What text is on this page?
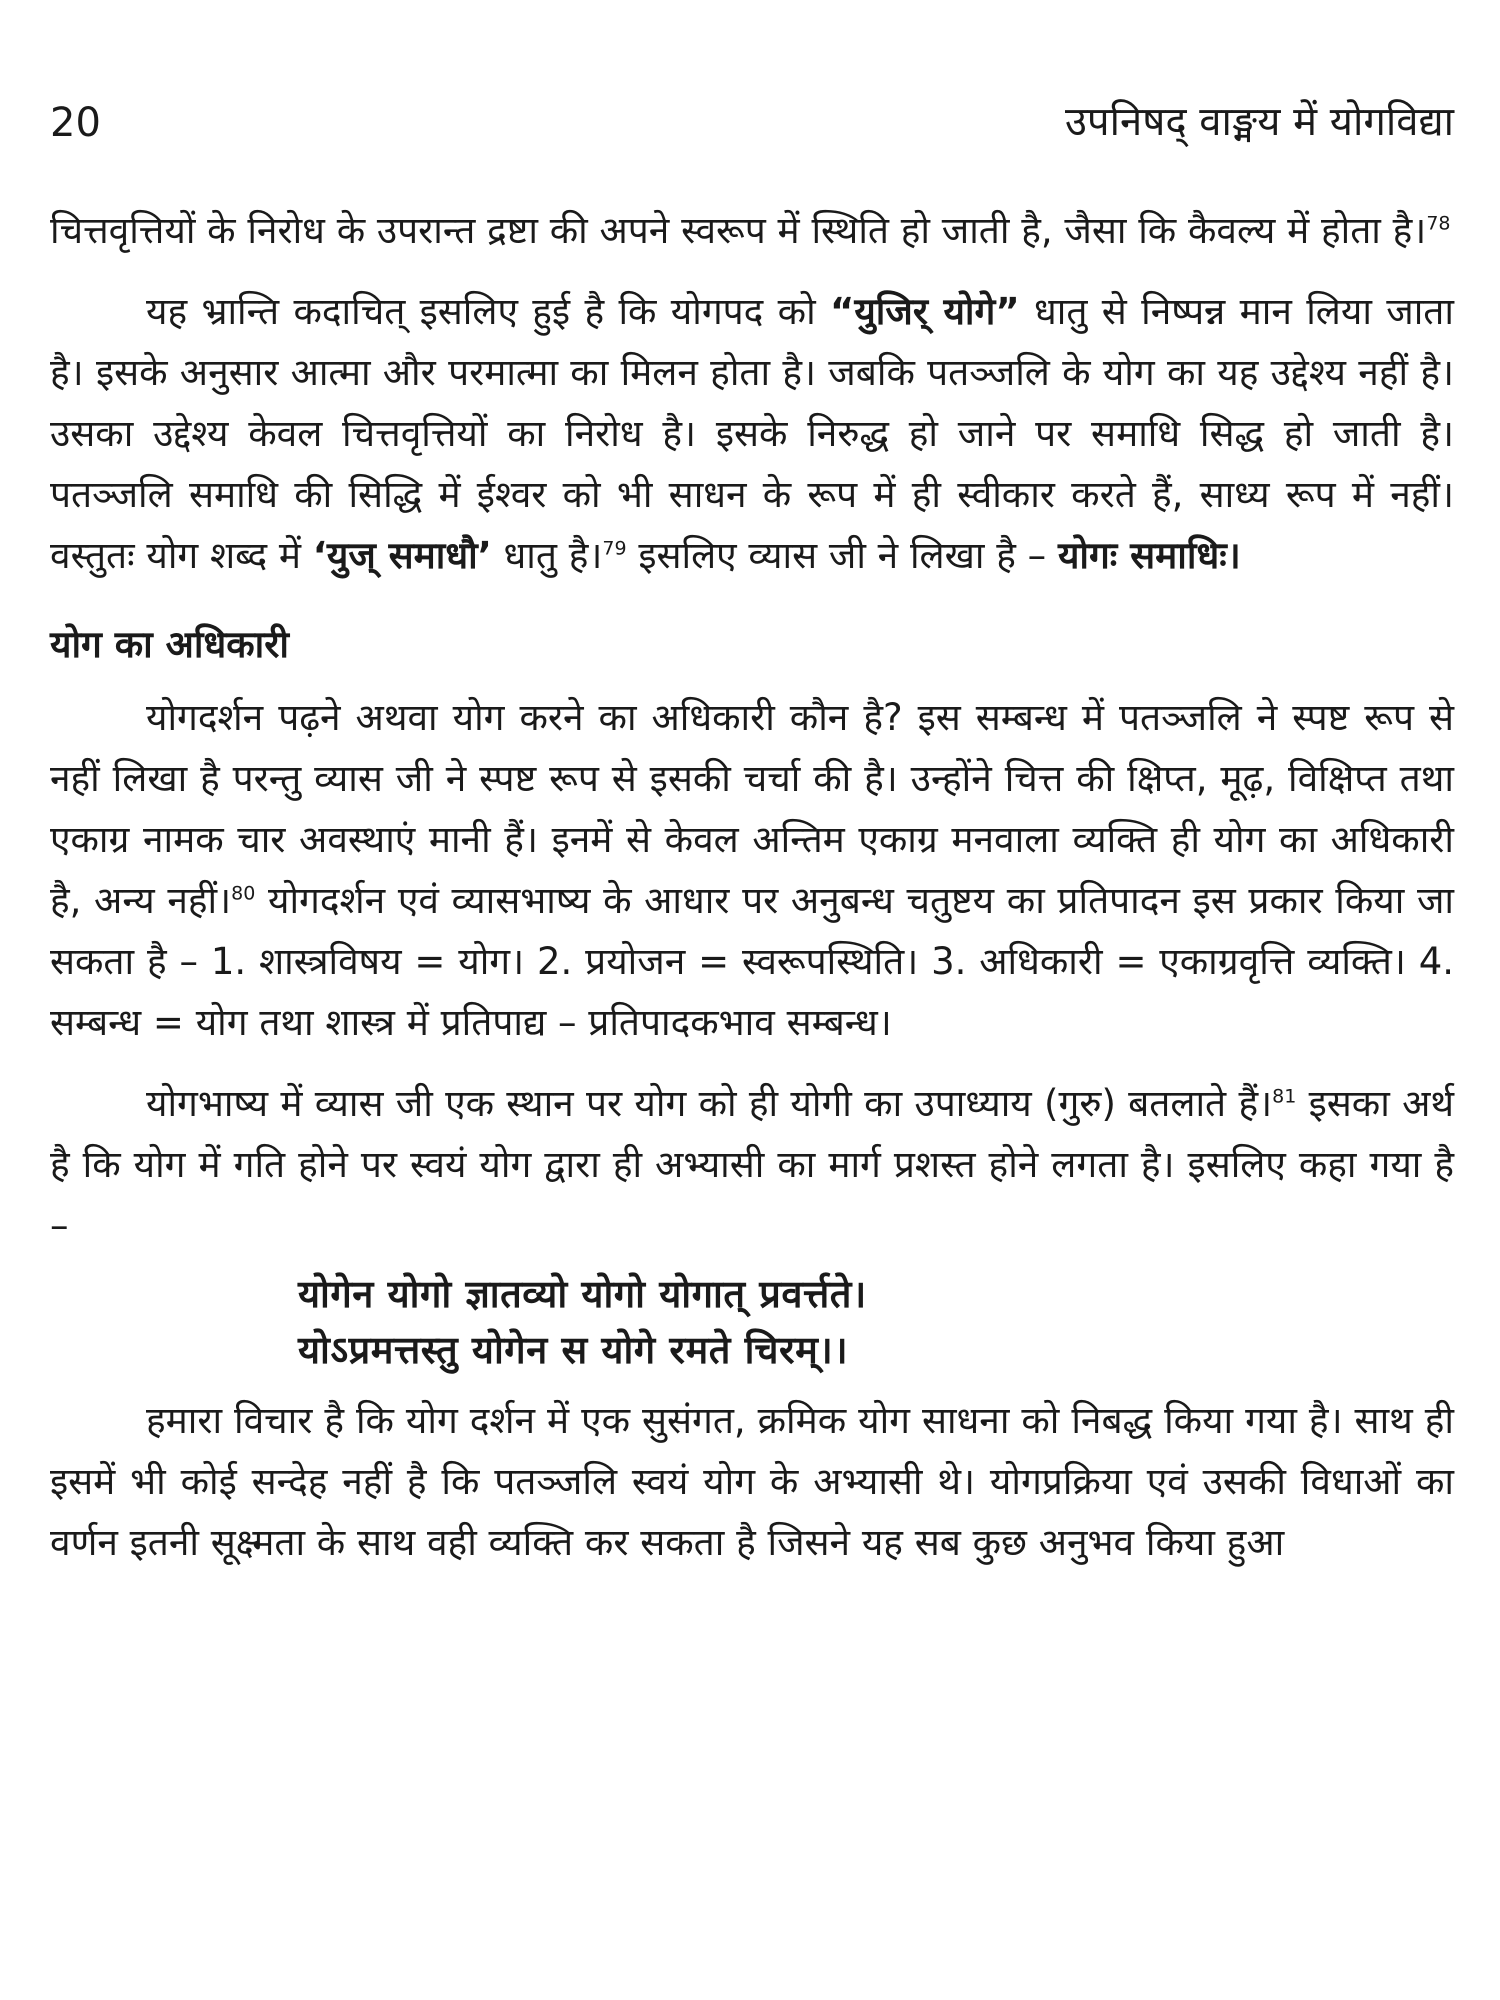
20	उपनिषद् वाङ्मय में योगविद्या

चित्तवृत्तियों के निरोध के उपरान्त द्रष्टा की अपने स्वरूप में स्थिति हो जाती है, जैसा कि कैवल्य में होता है।$^{78}$

यह भ्रान्ति कदाचित् इसलिए हुई है कि योगपद को “युजिर् योगे” धातु से निष्पन्न मान लिया जाता है। इसके अनुसार आत्मा और परमात्मा का मिलन होता है। जबकि पतञ्जलि के योग का यह उद्देश्य नहीं है। उसका उद्देश्य केवल चित्तवृत्तियों का निरोध है। इसके निरुद्ध हो जाने पर समाधि सिद्ध हो जाती है। पतञ्जलि समाधि की सिद्धि में ईश्वर को भी साधन के रूप में ही स्वीकार करते हैं, साध्य रूप में नहीं। वस्तुतः योग शब्द में ‘युज् समाधौ’ धातु है।$^{79}$ इसलिए व्यास जी ने लिखा है – योगः समाधिः।

योग का अधिकारी

योगदर्शन पढ़ने अथवा योग करने का अधिकारी कौन है? इस सम्बन्ध में पतञ्जलि ने स्पष्ट रूप से नहीं लिखा है परन्तु व्यास जी ने स्पष्ट रूप से इसकी चर्चा की है। उन्होंने चित्त की क्षिप्त, मूढ़, विक्षिप्त तथा एकाग्र नामक चार अवस्थाएं मानी हैं। इनमें से केवल अन्तिम एकाग्र मनवाला व्यक्ति ही योग का अधिकारी है, अन्य नहीं।$^{80}$ योगदर्शन एवं व्यासभाष्य के आधार पर अनुबन्ध चतुष्टय का प्रतिपादन इस प्रकार किया जा सकता है – 1. शास्त्रविषय = योग। 2. प्रयोजन = स्वरूपस्थिति। 3. अधिकारी = एकाग्रवृत्ति व्यक्ति। 4. सम्बन्ध = योग तथा शास्त्र में प्रतिपाद्य – प्रतिपादकभाव सम्बन्ध।

योगभाष्य में व्यास जी एक स्थान पर योग को ही योगी का उपाध्याय (गुरु) बतलाते हैं।$^{81}$ इसका अर्थ है कि योग में गति होने पर स्वयं योग द्वारा ही अभ्यासी का मार्ग प्रशस्त होने लगता है। इसलिए कहा गया है –

योगेन योगो ज्ञातव्यो योगो योगात् प्रवर्त्तते।
योऽप्रमत्तस्तु योगेन स योगे रमते चिरम्।।

हमारा विचार है कि योग दर्शन में एक सुसंगत, क्रमिक योग साधना को निबद्ध किया गया है। साथ ही इसमें भी कोई सन्देह नहीं है कि पतञ्जलि स्वयं योग के अभ्यासी थे। योगप्रक्रिया एवं उसकी विधाओं का वर्णन इतनी सूक्ष्मता के साथ वही व्यक्ति कर सकता है जिसने यह सब कुछ अनुभव किया हुआ
